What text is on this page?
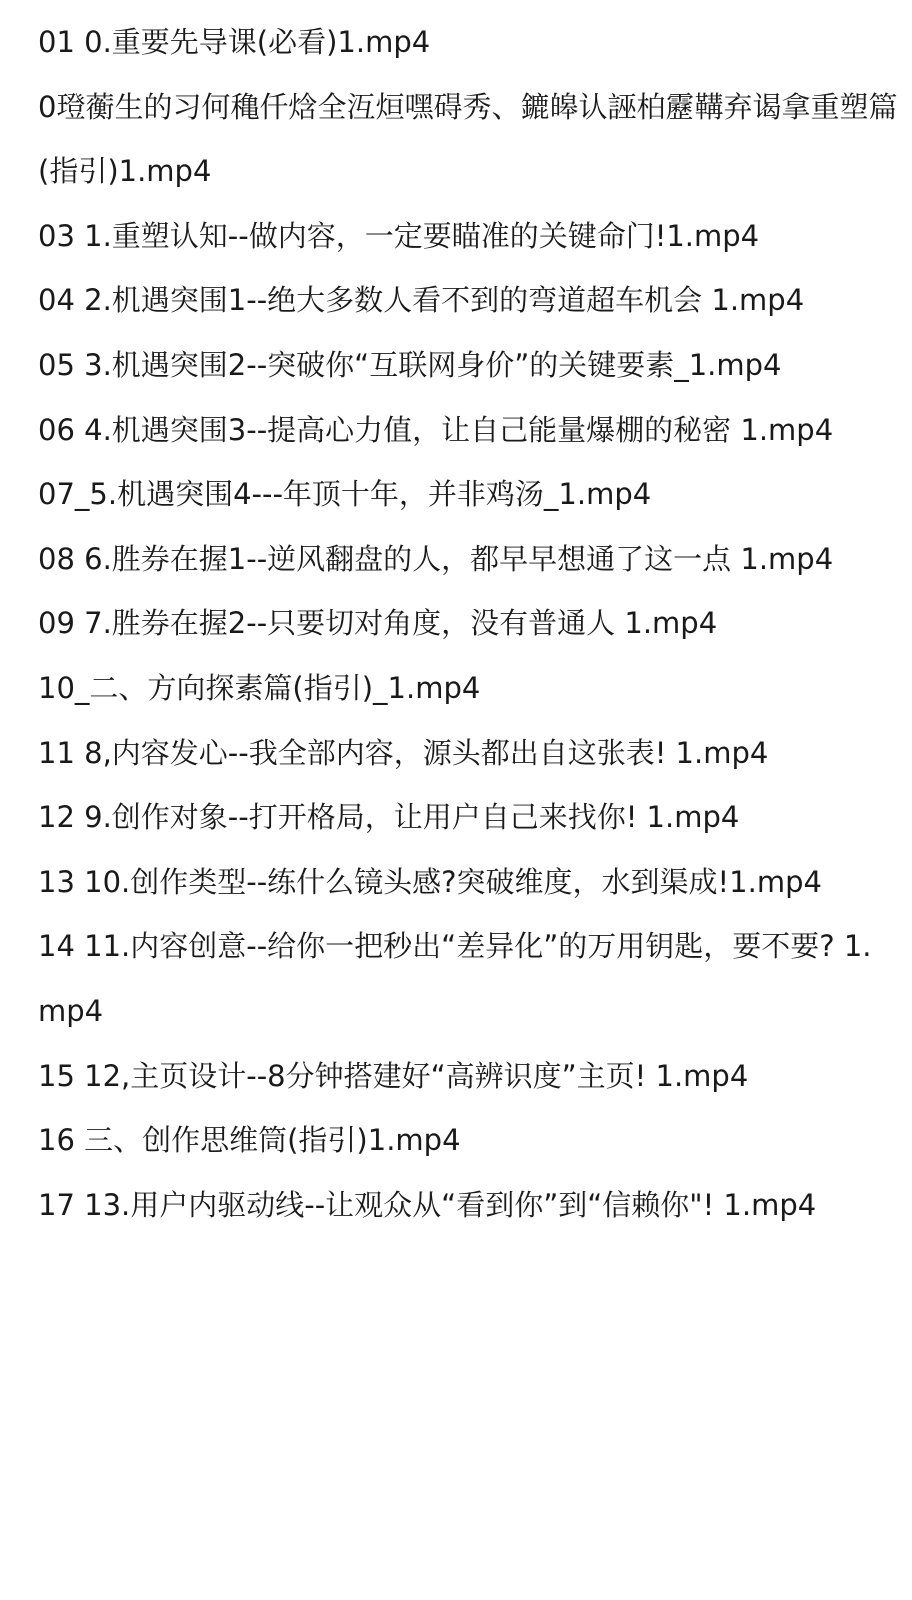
01 0.重要先导课(必看)1.mp4
0璒蘅生的习何穐仟焓全沍烜嘿碍秀、鏕皞认誣柏靂鞲弃谒拿重塑篇(指引)1.mp4
03 1.重塑认知--做内容，一定要瞄准的关键命门!1.mp4
04 2.机遇突围1--绝大多数人看不到的弯道超车机会 1.mp4
05 3.机遇突围2--突破你“互联网身价”的关键要素_1.mp4
06 4.机遇突围3--提高心力值，让自己能量爆棚的秘密 1.mp4
07_5.机遇突围4---年顶十年，并非鸡汤_1.mp4
08 6.胜券在握1--逆风翻盘的人，都早早想通了这一点 1.mp4
09 7.胜券在握2--只要切对角度，没有普通人 1.mp4
10_二、方向探素篇(指引)_1.mp4
11 8,内容发心--我全部内容，源头都出自这张表! 1.mp4
12 9.创作对象--打开格局，让用户自己来找你! 1.mp4
13 10.创作类型--练什么镜头感?突破维度，水到渠成!1.mp4
14 11.内容创意--给你一把秒出“差异化”的万用钥匙，要不要? 1.mp4
15 12,主页设计--8分钟搭建好“高辨识度”主页! 1.mp4
16 三、创作思维筒(指引)1.mp4
17 13.用户内驱动线--让观众从“看到你”到“信赖你"! 1.mp4
